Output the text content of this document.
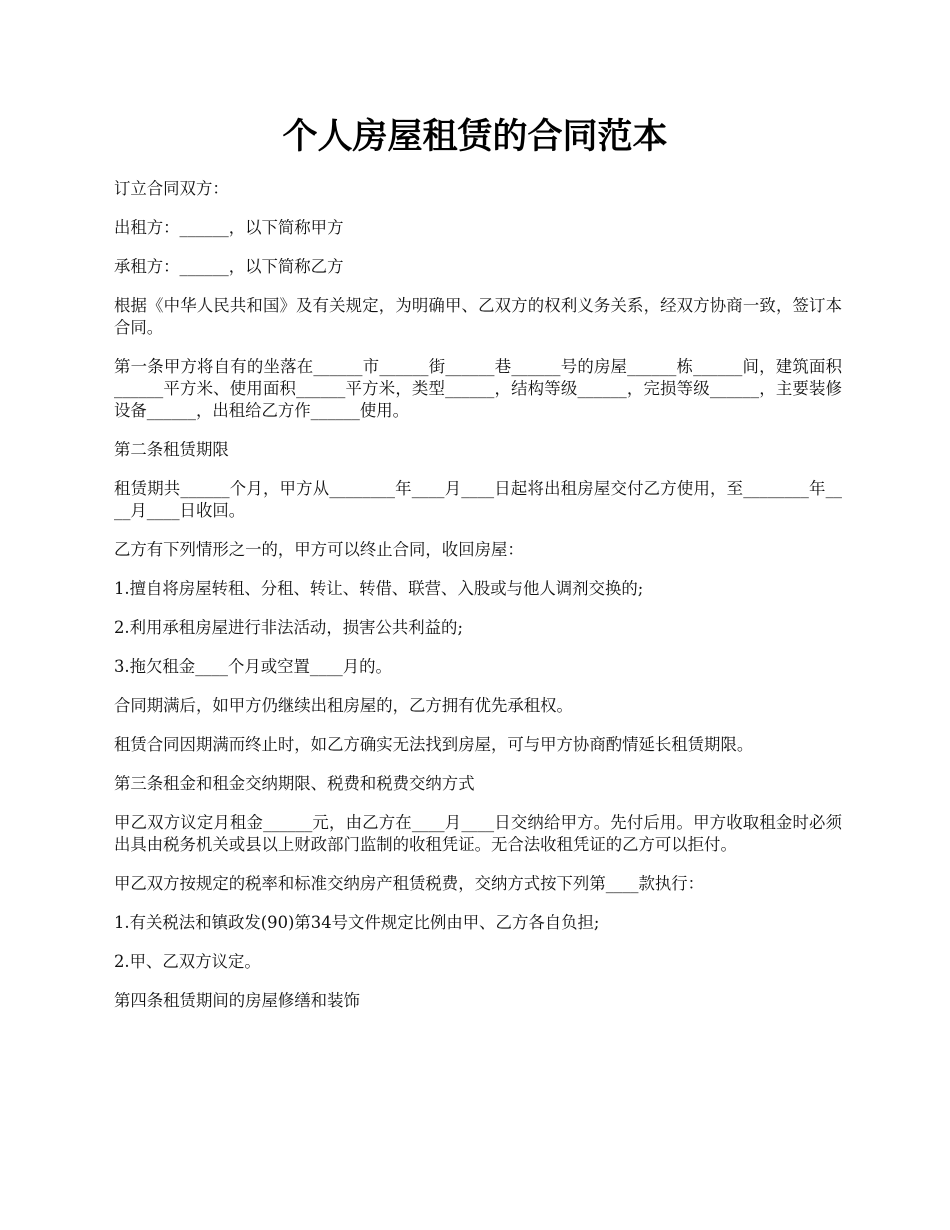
个人房屋租赁的合同范本

订立合同双方：

出租方：______，以下简称甲方

承租方：______，以下简称乙方

根据《中华人民共和国》及有关规定，为明确甲、乙双方的权利义务关系，经双方协商一致，签订本合同。

第一条甲方将自有的坐落在______市______街______巷______号的房屋______栋______间，建筑面积______平方米、使用面积______平方米，类型______，结构等级______，完损等级______，主要装修设备______，出租给乙方作______使用。

第二条租赁期限

租赁期共______个月，甲方从________年____月____日起将出租房屋交付乙方使用，至________年____月____日收回。

乙方有下列情形之一的，甲方可以终止合同，收回房屋：

1.擅自将房屋转租、分租、转让、转借、联营、入股或与他人调剂交换的;

2.利用承租房屋进行非法活动，损害公共利益的;

3.拖欠租金____个月或空置____月的。

合同期满后，如甲方仍继续出租房屋的，乙方拥有优先承租权。

租赁合同因期满而终止时，如乙方确实无法找到房屋，可与甲方协商酌情延长租赁期限。

第三条租金和租金交纳期限、税费和税费交纳方式

甲乙双方议定月租金______元，由乙方在____月____日交纳给甲方。先付后用。甲方收取租金时必须出具由税务机关或县以上财政部门监制的收租凭证。无合法收租凭证的乙方可以拒付。

甲乙双方按规定的税率和标准交纳房产租赁税费，交纳方式按下列第____款执行：

1.有关税法和镇政发(90)第34号文件规定比例由甲、乙方各自负担;

2.甲、乙双方议定。

第四条租赁期间的房屋修缮和装饰
